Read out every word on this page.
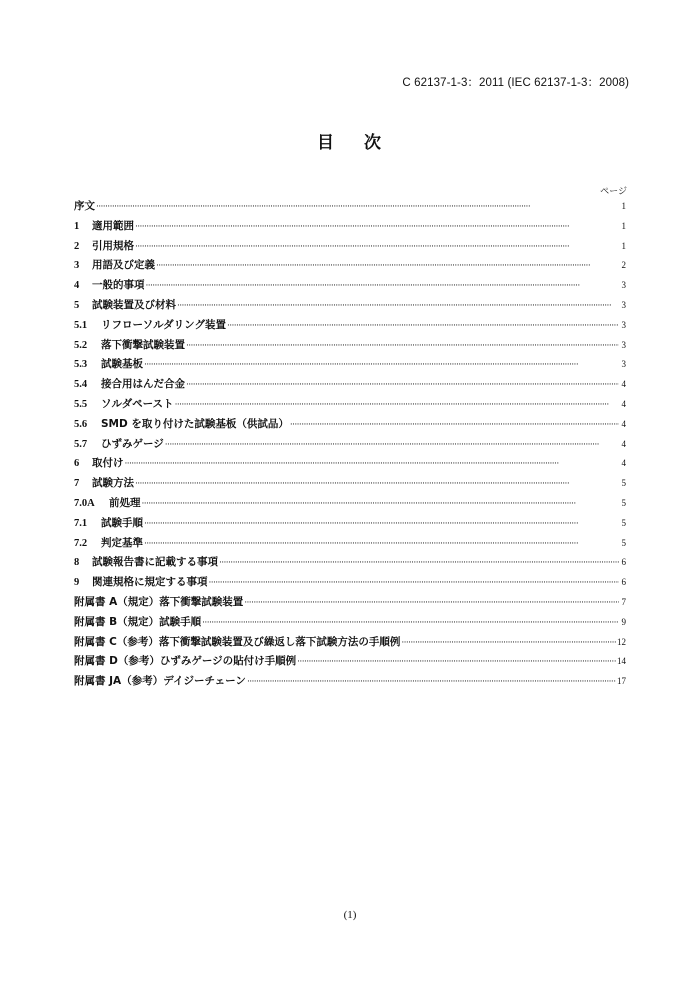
C 62137-1-3：2011 (IEC 62137-1-3：2008)
目 次
ページ
序文 ·····	1
1	適用範囲 ·····	1
2	引用規格 ·····	1
3	用語及び定義 ·····	2
4	一般的事項 ·····	3
5	試験装置及び材料 ·····	3
5.1	リフローソルダリング装置 ·····	3
5.2	落下衝撃試験装置 ·····	3
5.3	試験基板 ·····	3
5.4	接合用はんだ合金 ·····	4
5.5	ソルダペースト ·····	4
5.6	SMD を取り付けた試験基板（供試品） ·····	4
5.7	ひずみゲージ ·····	4
6	取付け ·····	4
7	試験方法 ·····	5
7.0A	前処理 ·····	5
7.1	試験手順 ·····	5
7.2	判定基準 ·····	5
8	試験報告書に記載する事項 ·····	6
9	関連規格に規定する事項 ·····	6
附属書 A（規定）落下衝撃試験装置 ·····	7
附属書 B（規定）試験手順 ·····	9
附属書 C（参考）落下衝撃試験装置及び繰返し落下試験方法の手順例 ·····	12
附属書 D（参考）ひずみゲージの貼付け手順例 ·····	14
附属書 JA（参考）デイジーチェーン ·····	17
(1)
